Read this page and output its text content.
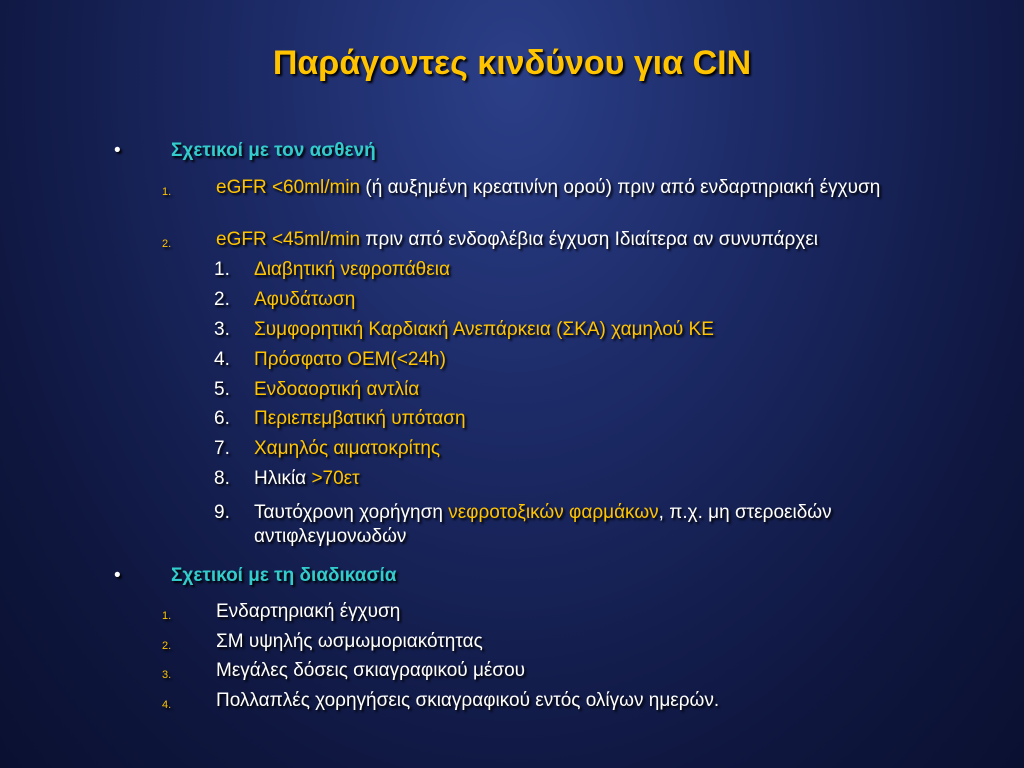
Παράγοντες κινδύνου για CIN
•	Σχετικοί με τον ασθενή
1.	eGFR <60ml/min (ή αυξημένη κρεατινίνη ορού) πριν από ενδαρτηριακή έγχυση
2.	eGFR <45ml/min πριν από ενδοφλέβια έγχυση Ιδιαίτερα αν συνυπάρχει
1.	Διαβητική νεφροπάθεια
2.	Αφυδάτωση
3.	Συμφορητική Καρδιακή Ανεπάρκεια (ΣΚΑ) χαμηλού ΚΕ
4.	Πρόσφατο ΟΕΜ(<24h)
5.	Ενδοαορτική αντλία
6.	Περιεπεμβατική υπόταση
7.	Χαμηλός αιματοκρίτης
8.	Ηλικία >70ετ
9.	Ταυτόχρονη χορήγηση νεφροτοξικών φαρμάκων, π.χ. μη στεροειδών αντιφλεγμονωδών
•	Σχετικοί με τη διαδικασία
1.	Ενδαρτηριακή έγχυση
2.	ΣΜ υψηλής ωσμωμοριακότητας
3.	Μεγάλες δόσεις σκιαγραφικού μέσου
4.	Πολλαπλές χορηγήσεις σκιαγραφικού εντός ολίγων ημερών.
